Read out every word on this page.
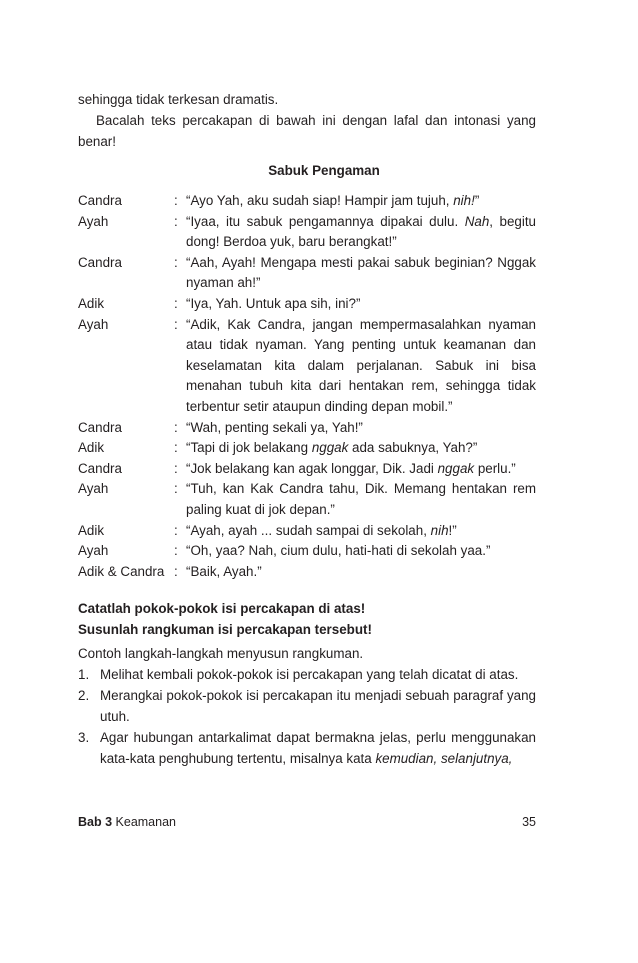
sehingga tidak terkesan dramatis.

Bacalah teks percakapan di bawah ini dengan lafal dan intonasi yang benar!

Sabuk Pengaman

Candra	: “Ayo Yah, aku sudah siap! Hampir jam tujuh, nih!”
Ayah	: “Iyaa, itu sabuk pengamannya dipakai dulu. Nah, begitu dong! Berdoa yuk, baru berangkat!”
Candra	: “Aah, Ayah! Mengapa mesti pakai sabuk beginian? Nggak nyaman ah!”
Adik	: “Iya, Yah. Untuk apa sih, ini?”
Ayah	: “Adik, Kak Candra, jangan mempermasalahkan nyaman atau tidak nyaman. Yang penting untuk keamanan dan keselamatan kita dalam perjalanan. Sabuk ini bisa menahan tubuh kita dari hentakan rem, sehingga tidak terbentur setir ataupun dinding depan mobil.”
Candra	: “Wah, penting sekali ya, Yah!”
Adik	: “Tapi di jok belakang nggak ada sabuknya, Yah?”
Candra	: “Jok belakang kan agak longgar, Dik. Jadi nggak perlu.”
Ayah	: “Tuh, kan Kak Candra tahu, Dik. Memang hentakan rem paling kuat di jok depan.”
Adik	: “Ayah, ayah ... sudah sampai di sekolah, nih!”
Ayah	: “Oh, yaa? Nah, cium dulu, hati-hati di sekolah yaa.”
Adik & Candra : “Baik, Ayah.”

Catatlah pokok-pokok isi percakapan di atas!

Susunlah rangkuman isi percakapan tersebut!

Contoh langkah-langkah menyusun rangkuman.

1. Melihat kembali pokok-pokok isi percakapan yang telah dicatat di atas.
2. Merangkai pokok-pokok isi percakapan itu menjadi sebuah paragraf yang utuh.
3. Agar hubungan antarkalimat dapat bermakna jelas, perlu menggunakan kata-kata penghubung tertentu, misalnya kata kemudian, selanjutnya,
Bab 3 Keamanan	35
